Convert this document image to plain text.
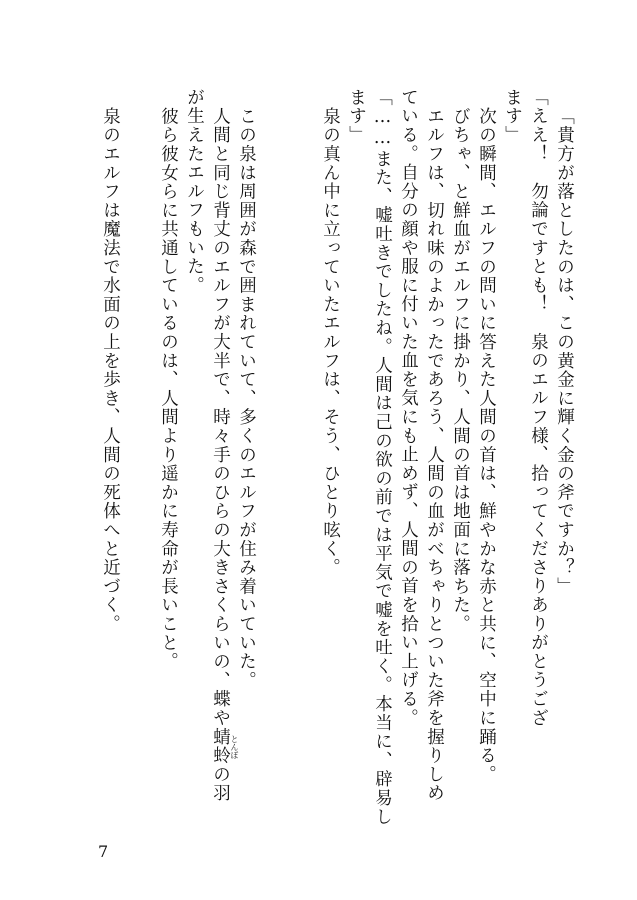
「貴方が落としたのは、この黄金に輝く金の斧ですか？」
「ええ！　勿論ですとも！　泉のエルフ様、拾ってくださりありがとうござ
ます」
次の瞬間、エルフの問いに答えた人間の首は、鮮やかな赤と共に、空中に踊る。
びちゃ、と鮮血がエルフに掛かり、人間の首は地面に落ちた。
エルフは、切れ味のよかったであろう、人間の血がべちゃりとついた斧を握りしめ
ている。自分の顔や服に付いた血を気にも止めず、人間の首を拾い上げる。
「……また、嘘吐きでしたね。人間は己の欲の前では平気で嘘を吐く。本当に、辟易し
ます」
泉の真ん中に立っていたエルフは、そう、ひとり呟く。
この泉は周囲が森で囲まれていて、多くのエルフが住み着いていた。
人間と同じ背丈のエルフが大半で、時々手のひらの大きさくらいの、蝶や蜻蛉の羽
が生えたエルフもいた。
彼ら彼女らに共通しているのは、人間より遥かに寿命が長いこと。
泉のエルフは魔法で水面の上を歩き、人間の死体へと近づく。
とんぼ
7
